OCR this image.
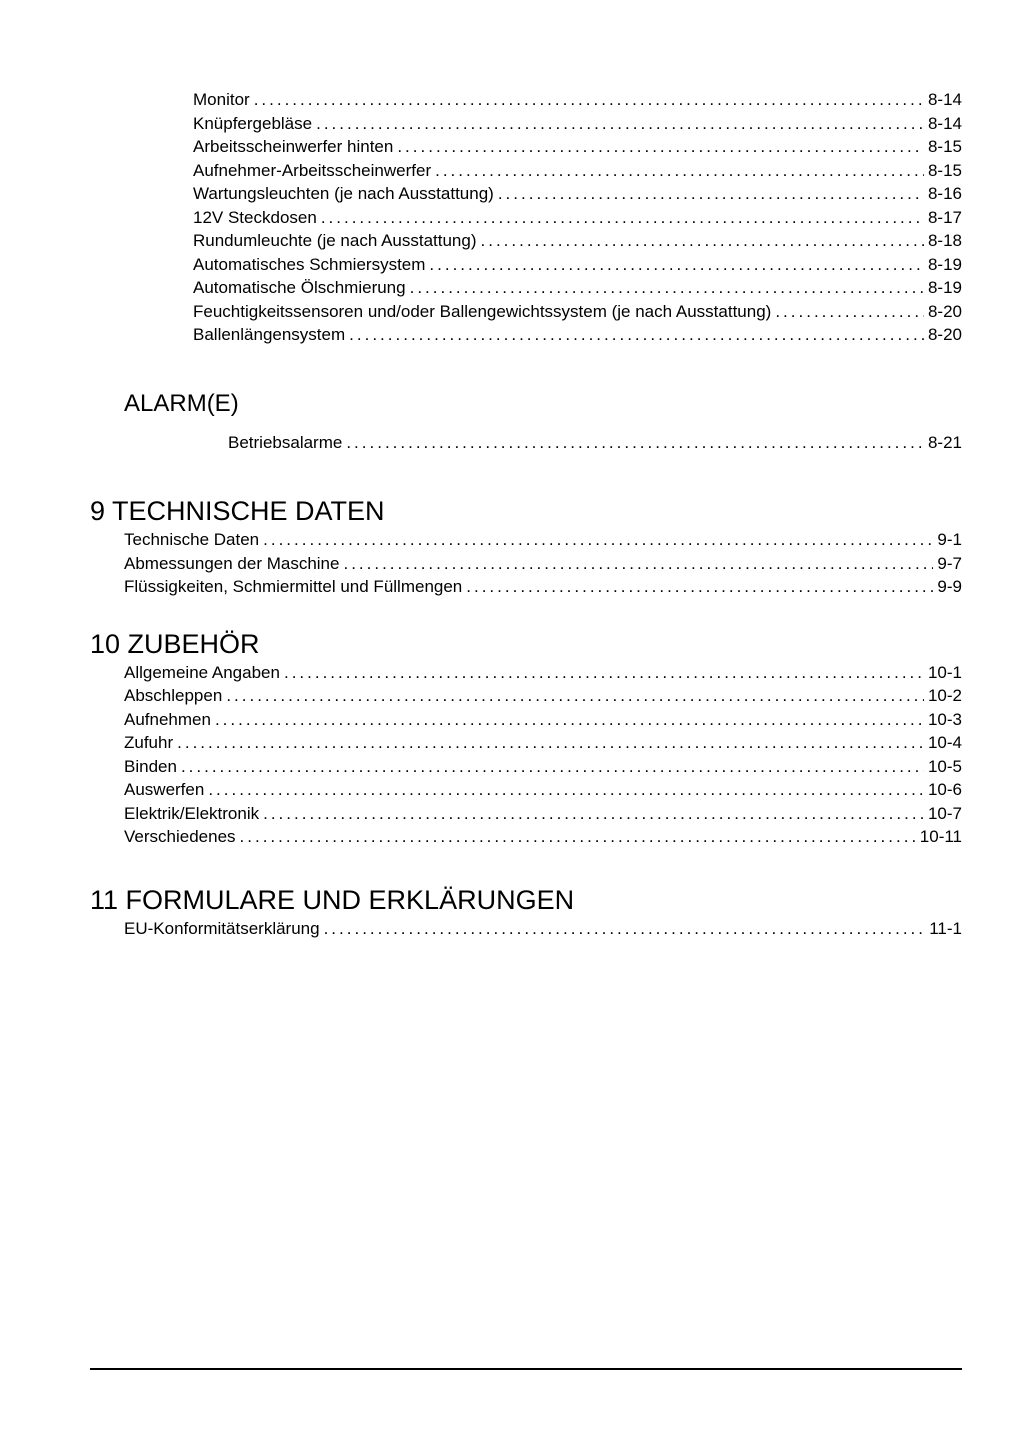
Monitor .....	8-14
Knüpfergebläse .....	8-14
Arbeitsscheinwerfer hinten .....	8-15
Aufnehmer-Arbeitsscheinwerfer .....	8-15
Wartungsleuchten (je nach Ausstattung) .....	8-16
12V Steckdosen .....	8-17
Rundumleuchte (je nach Ausstattung) .....	8-18
Automatisches Schmiersystem .....	8-19
Automatische Ölschmierung .....	8-19
Feuchtigkeitssensoren und/oder Ballengewichtssystem (je nach Ausstattung) .....	8-20
Ballenlängensystem .....	8-20
ALARM(E)
Betriebsalarme .....	8-21
9 TECHNISCHE DATEN
Technische Daten .....	9-1
Abmessungen der Maschine .....	9-7
Flüssigkeiten, Schmiermittel und Füllmengen .....	9-9
10 ZUBEHÖR
Allgemeine Angaben .....	10-1
Abschleppen .....	10-2
Aufnehmen .....	10-3
Zufuhr .....	10-4
Binden .....	10-5
Auswerfen .....	10-6
Elektrik/Elektronik .....	10-7
Verschiedenes .....	10-11
11 FORMULARE UND ERKLÄRUNGEN
EU-Konformitätserklärung .....	11-1
